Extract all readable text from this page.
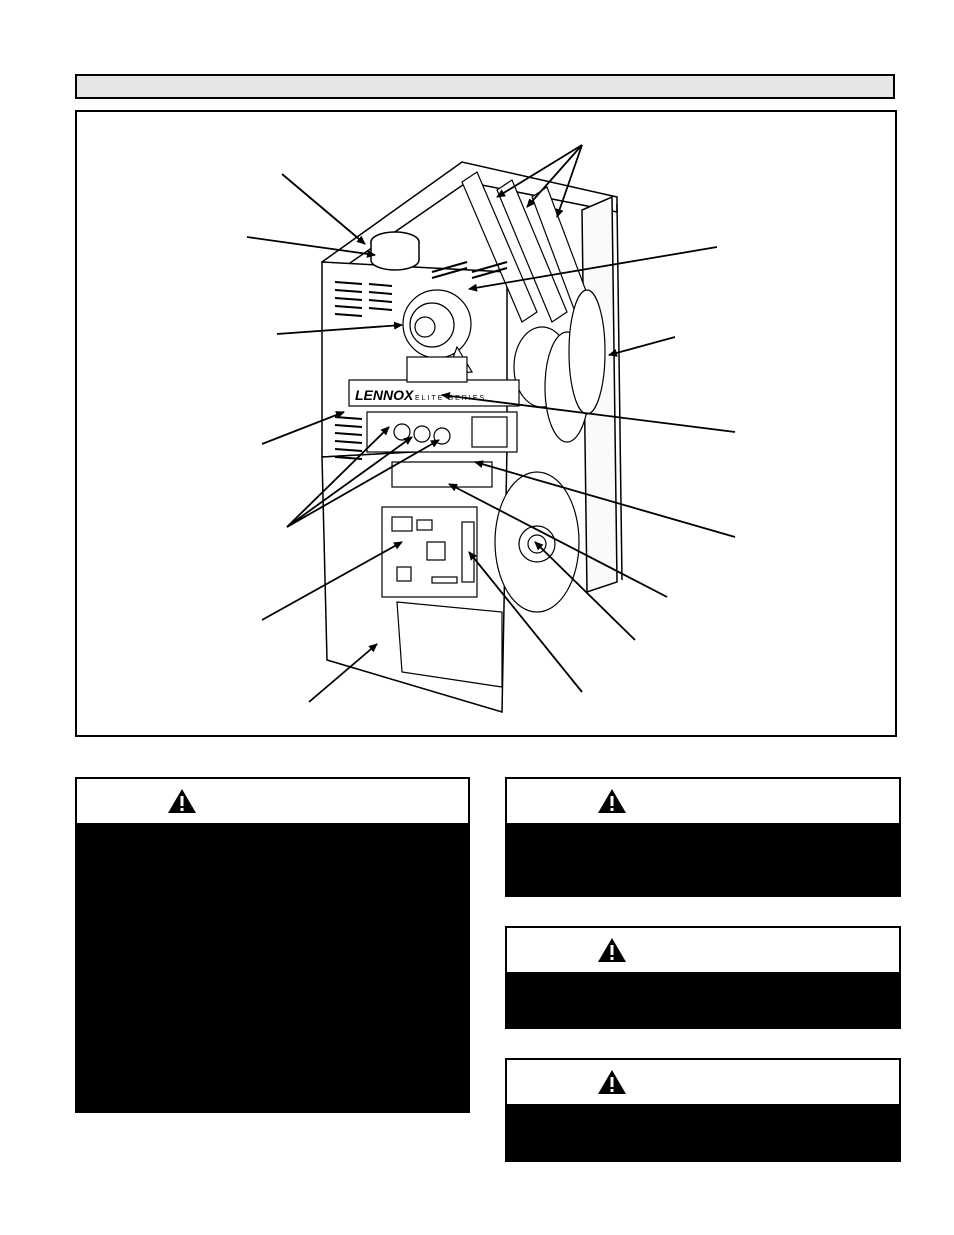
LENNOX ELITE SERIES
